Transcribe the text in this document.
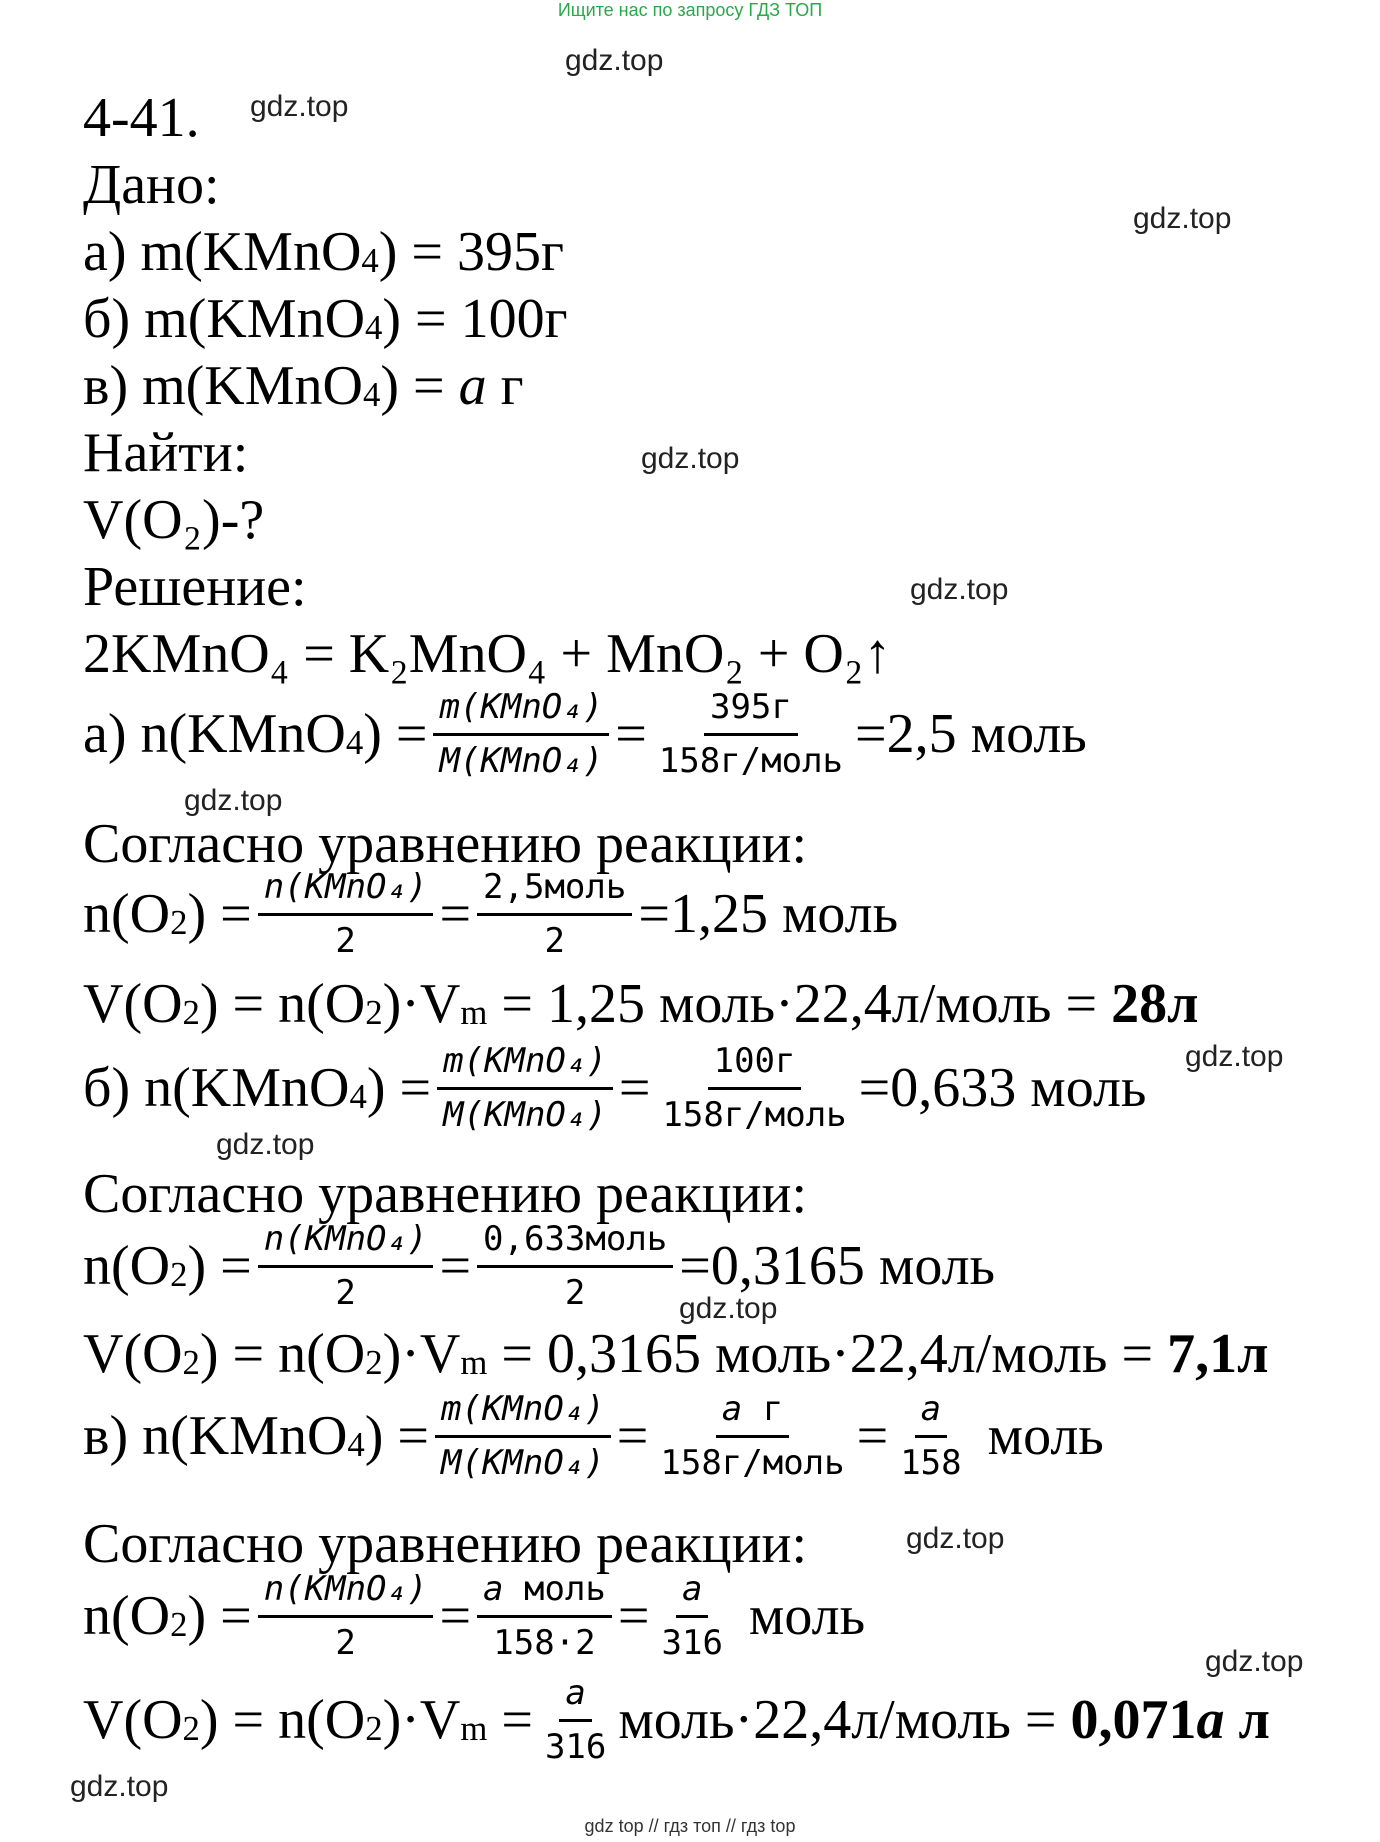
Ищите нас по запросу ГДЗ ТОП
gdz.top
gdz.top
gdz.top
gdz.top
gdz.top
gdz.top
gdz.top
gdz.top
gdz.top
gdz.top
gdz.top
gdz.top
4-41.
Дано:
а) m(KMnO 4 ) = 395г
б) m(KMnO 4 ) = 100г
в) m(KMnO 4 ) = a
г
Найти:
V(O₂)-?
Решение:
2KMnO₄ = K₂MnO₄ + MnO₂ + O₂↑
а) n(KMnO 4 ) = $\frac{\text{m(KMnO₄)}}{\text{M(KMnO₄)}} = \frac{395г}{\text{158г/моль}} = 2,5$ моль
Согласно уравнению реакции:
n(O 2 ) = $\frac{\text{n(KMnO₄)}}{2} = \frac{\text{2,5моль}}{2} = 1,25$ моль
V(O 2 ) = n(O 2 )·V m = 1,25 моль·22,4л/моль = 28л
б) n(KMnO 4 ) = $\frac{\text{m(KMnO₄)}}{\text{M(KMnO₄)}} = \frac{100г}{\text{158г/моль}} = 0,633$ моль
Согласно уравнению реакции:
n(O 2 ) = $\frac{\text{n(KMnO₄)}}{2} = \frac{\text{0,633моль}}{2} = 0,3165$ моль
V(O 2 ) = n(O 2 )·V m = 0,3165 моль·22,4л/моль = 7,1л
в) n(KMnO 4 ) = $\frac{\text{m(KMnO₄)}}{\text{M(KMnO₄)}} = \frac{\text{a г}}{\text{158г/моль}} = \frac{a}{158}$
моль
Согласно уравнению реакции:
n(O 2 ) = $\frac{\text{n(KMnO₄)}}{2} = \frac{\text{a моль}}{158\cdot 2} = \frac{a}{316}$
моль
V(O 2 ) = n(O 2 )·V $m = \frac{a}{316}$ моль · 22,4л/моль = 0,071a л
gdz top // гдз топ // гдз top
